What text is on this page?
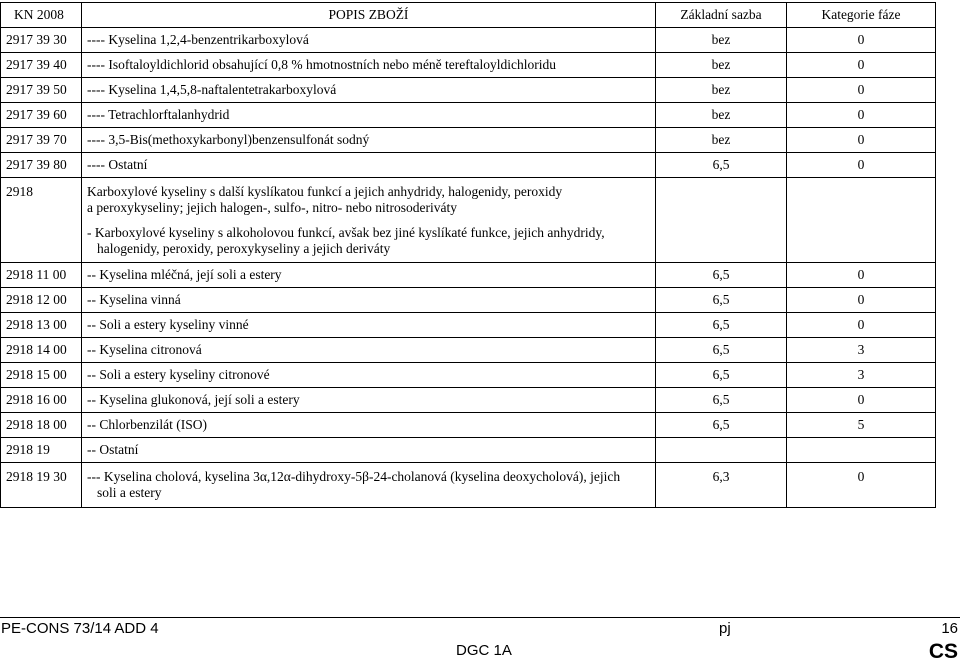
KN 2008	POPIS ZBOŽÍ	Základní sazba	Kategorie fáze
2917 39 30	---- Kyselina 1,2,4-benzentrikarboxylová	bez	0
2917 39 40	---- Isoftaloyldichlorid obsahující 0,8 % hmotnostních nebo méně tereftaloyldichloridu	bez	0
2917 39 50	---- Kyselina 1,4,5,8-naftalentetrakarboxylová	bez	0
2917 39 60	---- Tetrachlorftalanhydrid	bez	0
2917 39 70	---- 3,5-Bis(methoxykarbonyl)benzensulfonát sodný	bez	0
2917 39 80	---- Ostatní	6,5	0
2918	Karboxylové kyseliny s další kyslíkatou funkcí a jejich anhydridy, halogenidy, peroxidy
a peroxykyseliny; jejich halogen-, sulfo-, nitro- nebo nitrosoderiváty
- Karboxylové kyseliny s alkoholovou funkcí, avšak bez jiné kyslíkaté funkce, jejich anhydridy,
halogenidy, peroxidy, peroxykyseliny a jejich deriváty		

2918 11 00	-- Kyselina mléčná, její soli a estery	6,5	0
2918 12 00	-- Kyselina vinná	6,5	0
2918 13 00	-- Soli a estery kyseliny vinné	6,5	0
2918 14 00	-- Kyselina citronová	6,5	3
2918 15 00	-- Soli a estery kyseliny citronové	6,5	3
2918 16 00	-- Kyselina glukonová, její soli a estery	6,5	0
2918 18 00	-- Chlorbenzilát (ISO)	6,5	5
2918 19	-- Ostatní		
2918 19 30	--- Kyselina cholová, kyselina 3α,12α-dihydroxy-5β-24-cholanová (kyselina deoxycholová), jejich
soli a estery	6,3	0
PE-CONS 73/14 ADD 4	pj	16
DGC 1A	CS
